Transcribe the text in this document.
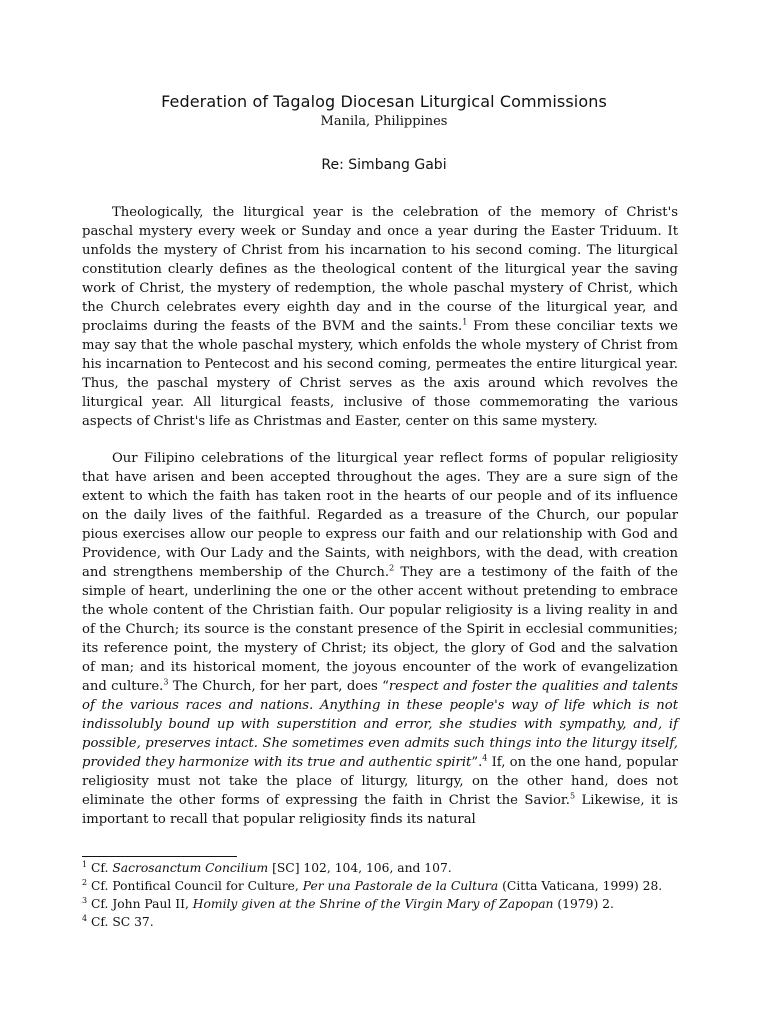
Federation of Tagalog Diocesan Liturgical Commissions
Manila, Philippines
Re: Simbang Gabi

Theologically, the liturgical year is the celebration of the memory of Christ's paschal mystery every week or Sunday and once a year during the Easter Triduum. It unfolds the mystery of Christ from his incarnation to his second coming. The liturgical constitution clearly defines as the theological content of the liturgical year the saving work of Christ, the mystery of redemption, the whole paschal mystery of Christ, which the Church celebrates every eighth day and in the course of the liturgical year, and proclaims during the feasts of the BVM and the saints.$^1$ From these conciliar texts we may say that the whole paschal mystery, which enfolds the whole mystery of Christ from his incarnation to Pentecost and his second coming, permeates the entire liturgical year. Thus, the paschal mystery of Christ serves as the axis around which revolves the liturgical year. All liturgical feasts, inclusive of those commemorating the various aspects of Christ's life as Christmas and Easter, center on this same mystery.

Our Filipino celebrations of the liturgical year reflect forms of popular religiosity that have arisen and been accepted throughout the ages. They are a sure sign of the extent to which the faith has taken root in the hearts of our people and of its influence on the daily lives of the faithful. Regarded as a treasure of the Church, our popular pious exercises allow our people to express our faith and our relationship with God and Providence, with Our Lady and the Saints, with neighbors, with the dead, with creation and strengthens membership of the Church.$^2$ They are a testimony of the faith of the simple of heart, underlining the one or the other accent without pretending to embrace the whole content of the Christian faith. Our popular religiosity is a living reality in and of the Church; its source is the constant presence of the Spirit in ecclesial communities; its reference point, the mystery of Christ; its object, the glory of God and the salvation of man; and its historical moment, the joyous encounter of the work of evangelization and culture.$^3$ The Church, for her part, does “respect and foster the qualities and talents of the various races and nations. Anything in these people's way of life which is not indissolubly bound up with superstition and error, she studies with sympathy, and, if possible, preserves intact. She sometimes even admits such things into the liturgy itself, provided they harmonize with its true and authentic spirit”.$^4$ If, on the one hand, popular religiosity must not take the place of liturgy, liturgy, on the other hand, does not eliminate the other forms of expressing the faith in Christ the Savior.$^5$ Likewise, it is important to recall that popular religiosity finds its natural

$^1$ Cf. Sacrosanctum Concilium [SC] 102, 104, 106, and 107.
$^2$ Cf. Pontifical Council for Culture, Per una Pastorale de la Cultura (Citta Vaticana, 1999) 28.
$^3$ Cf. John Paul II, Homily given at the Shrine of the Virgin Mary of Zapopan (1979) 2.
$^4$ Cf. SC 37.
